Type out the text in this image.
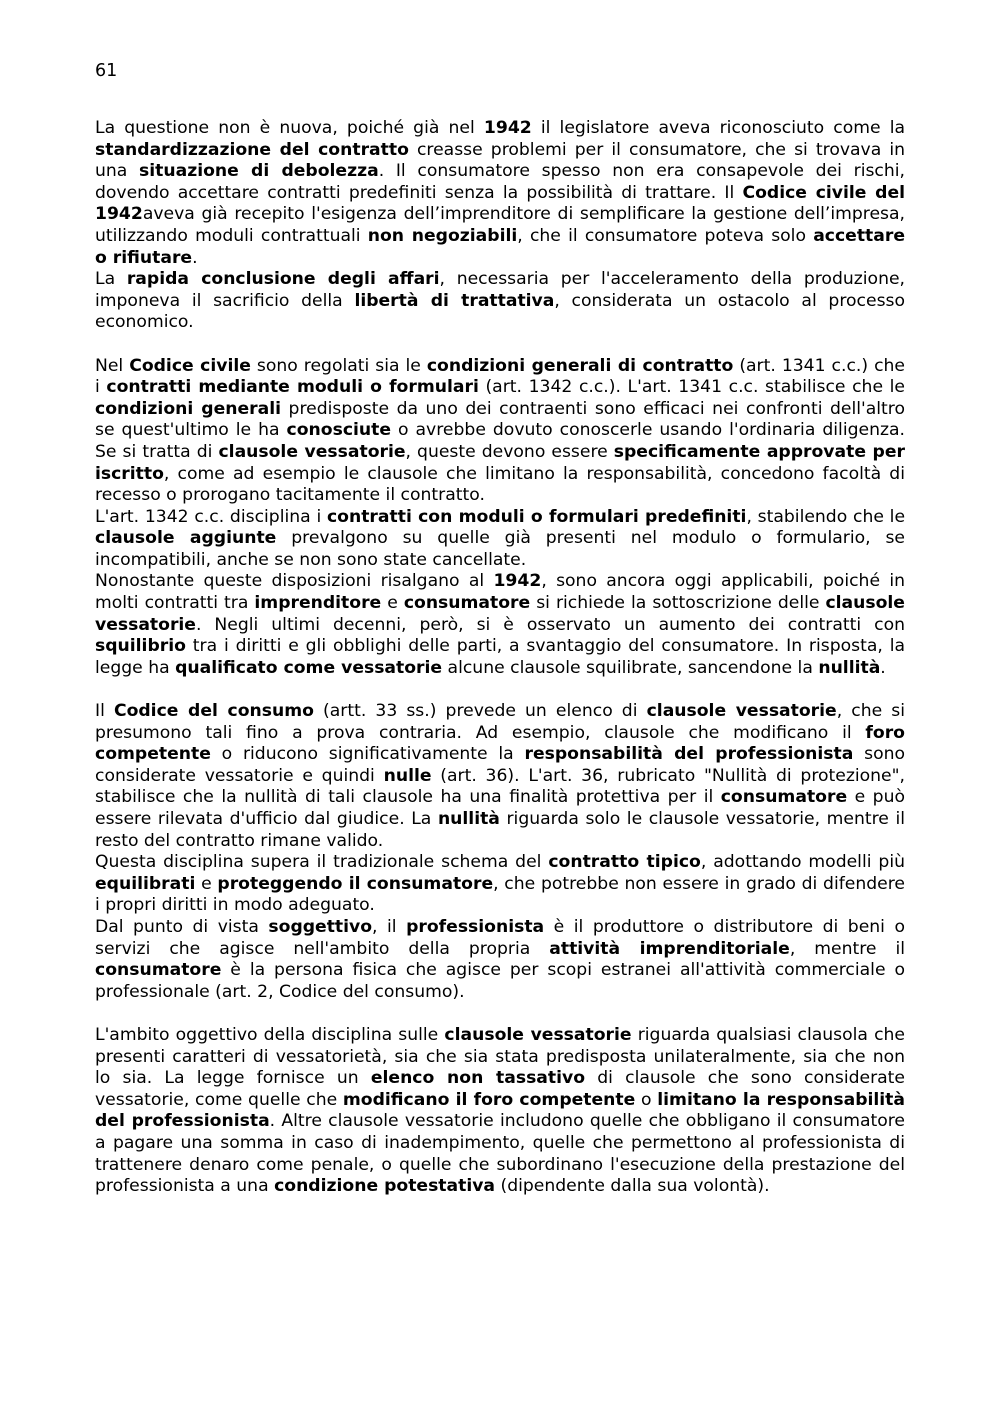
61

La questione non è nuova, poiché già nel 1942 il legislatore aveva riconosciuto come la standardizzazione del contratto creasse problemi per il consumatore, che si trovava in una situazione di debolezza. Il consumatore spesso non era consapevole dei rischi, dovendo accettare contratti predefiniti senza la possibilità di trattare. Il Codice civile del 1942aveva già recepito l'esigenza dell’imprenditore di semplificare la gestione dell’impresa, utilizzando moduli contrattuali non negoziabili, che il consumatore poteva solo accettare o rifiutare.

La rapida conclusione degli affari, necessaria per l'acceleramento della produzione, imponeva il sacrificio della libertà di trattativa, considerata un ostacolo al processo economico.

Nel Codice civile sono regolati sia le condizioni generali di contratto (art. 1341 c.c.) che i contratti mediante moduli o formulari (art. 1342 c.c.). L'art. 1341 c.c. stabilisce che le condizioni generali predisposte da uno dei contraenti sono efficaci nei confronti dell'altro se quest'ultimo le ha conosciute o avrebbe dovuto conoscerle usando l'ordinaria diligenza. Se si tratta di clausole vessatorie, queste devono essere specificamente approvate per iscritto, come ad esempio le clausole che limitano la responsabilità, concedono facoltà di recesso o prorogano tacitamente il contratto.

L'art. 1342 c.c. disciplina i contratti con moduli o formulari predefiniti, stabilendo che le clausole aggiunte prevalgono su quelle già presenti nel modulo o formulario, se incompatibili, anche se non sono state cancellate.

Nonostante queste disposizioni risalgano al 1942, sono ancora oggi applicabili, poiché in molti contratti tra imprenditore e consumatore si richiede la sottoscrizione delle clausole vessatorie. Negli ultimi decenni, però, si è osservato un aumento dei contratti con squilibrio tra i diritti e gli obblighi delle parti, a svantaggio del consumatore. In risposta, la legge ha qualificato come vessatorie alcune clausole squilibrate, sancendone la nullità.

Il Codice del consumo (artt. 33 ss.) prevede un elenco di clausole vessatorie, che si presumono tali fino a prova contraria. Ad esempio, clausole che modificano il foro competente o riducono significativamente la responsabilità del professionista sono considerate vessatorie e quindi nulle (art. 36). L'art. 36, rubricato "Nullità di protezione", stabilisce che la nullità di tali clausole ha una finalità protettiva per il consumatore e può essere rilevata d'ufficio dal giudice. La nullità riguarda solo le clausole vessatorie, mentre il resto del contratto rimane valido.

Questa disciplina supera il tradizionale schema del contratto tipico, adottando modelli più equilibrati e proteggendo il consumatore, che potrebbe non essere in grado di difendere i propri diritti in modo adeguato.

Dal punto di vista soggettivo, il professionista è il produttore o distributore di beni o servizi che agisce nell'ambito della propria attività imprenditoriale, mentre il consumatore è la persona fisica che agisce per scopi estranei all'attività commerciale o professionale (art. 2, Codice del consumo).

L'ambito oggettivo della disciplina sulle clausole vessatorie riguarda qualsiasi clausola che presenti caratteri di vessatorietà, sia che sia stata predisposta unilateralmente, sia che non lo sia. La legge fornisce un elenco non tassativo di clausole che sono considerate vessatorie, come quelle che modificano il foro competente o limitano la responsabilità del professionista. Altre clausole vessatorie includono quelle che obbligano il consumatore a pagare una somma in caso di inadempimento, quelle che permettono al professionista di trattenere denaro come penale, o quelle che subordinano l'esecuzione della prestazione del professionista a una condizione potestativa (dipendente dalla sua volontà).
